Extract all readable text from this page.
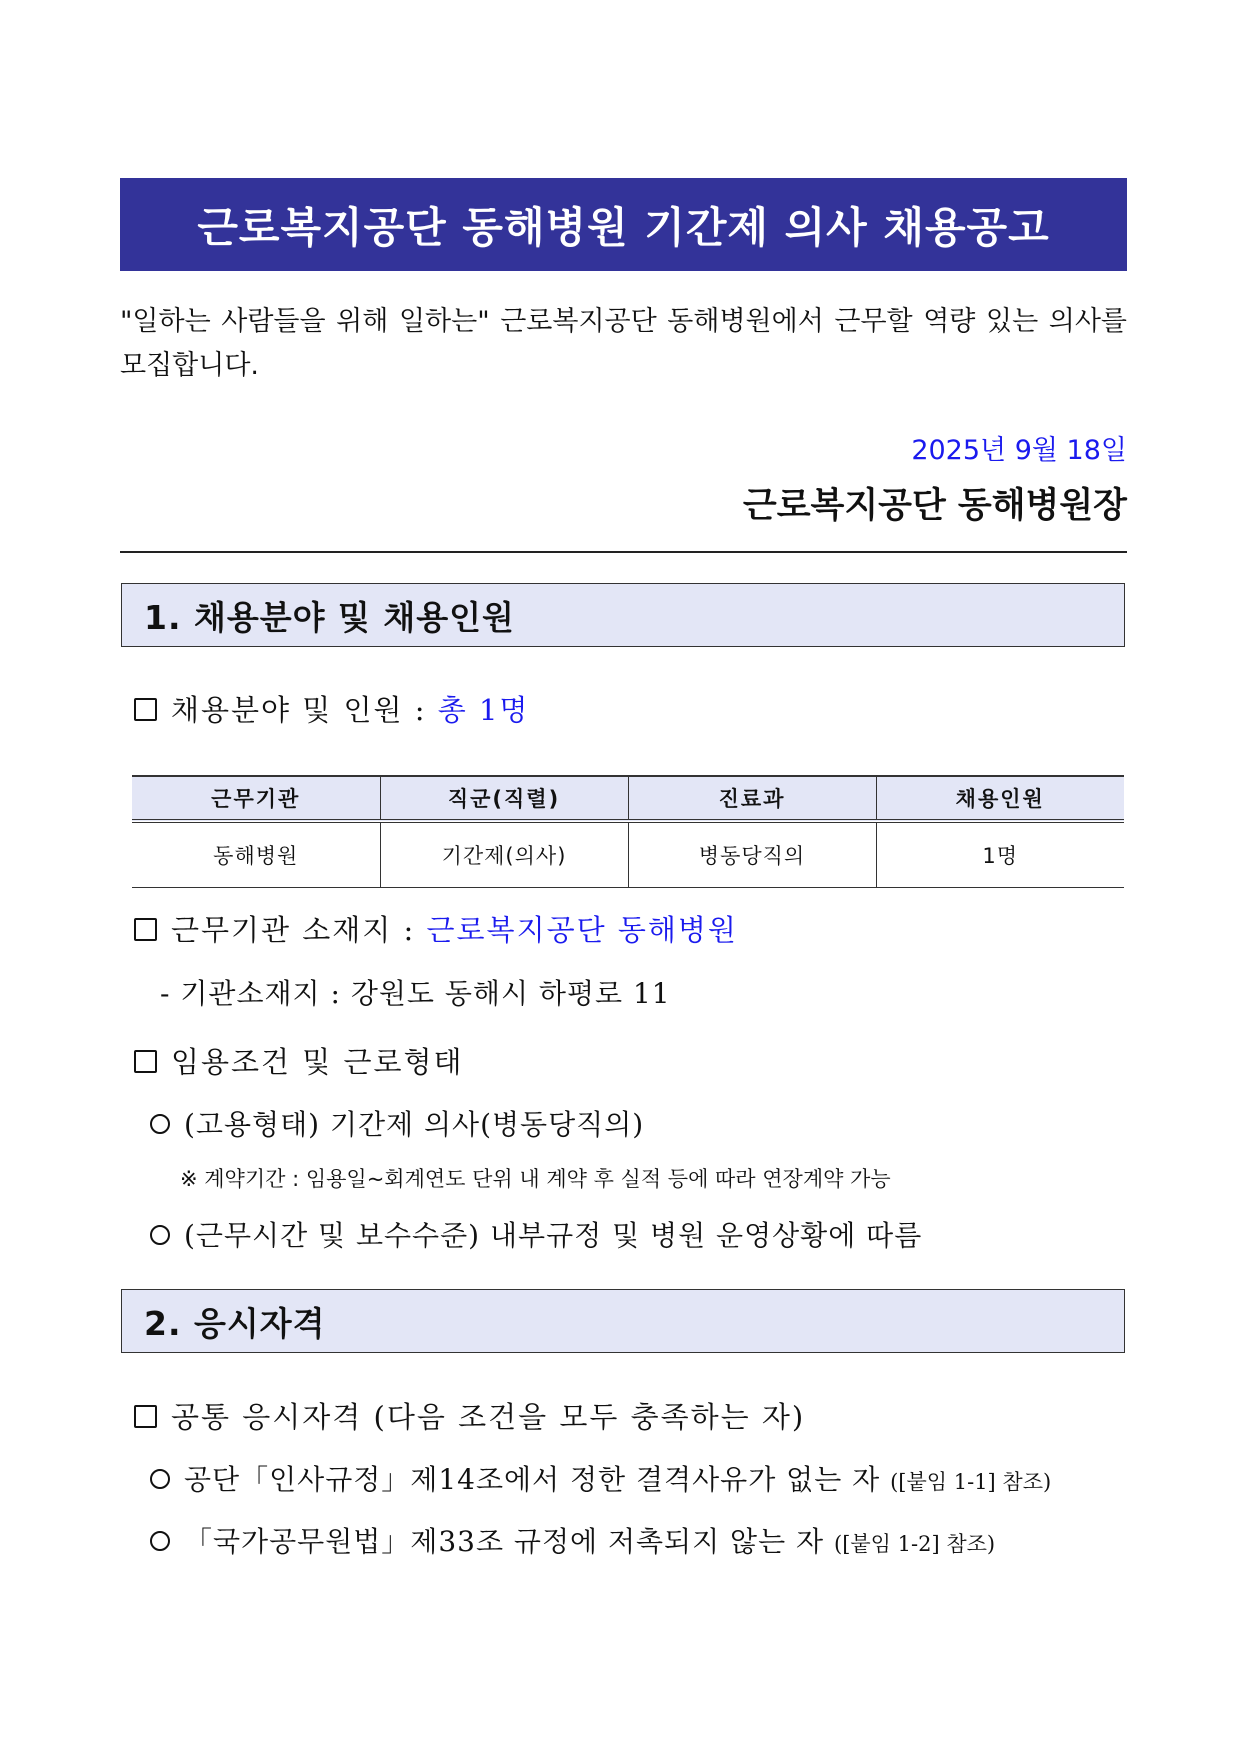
근로복지공단 동해병원 기간제 의사 채용공고
"일하는 사람들을 위해 일하는" 근로복지공단 동해병원에서 근무할 역량 있는 의사를 모집합니다.
2025년 9월 18일
근로복지공단 동해병원장
1. 채용분야 및 채용인원
채용분야 및 인원 : 총 1명
근무기관	직군(직렬)	진료과	채용인원
동해병원	기간제(의사)	병동당직의	1명
근무기관 소재지 : 근로복지공단 동해병원
- 기관소재지 : 강원도 동해시 하평로 11
임용조건 및 근로형태
(고용형태) 기간제 의사(병동당직의)
※ 계약기간 : 임용일~회계연도 단위 내 계약 후 실적 등에 따라 연장계약 가능
(근무시간 및 보수수준) 내부규정 및 병원 운영상황에 따름
2. 응시자격
공통 응시자격 (다음 조건을 모두 충족하는 자)
공단「인사규정」제14조에서 정한 결격사유가 없는 자 ([붙임 1-1] 참조)
「국가공무원법」제33조 규정에 저촉되지 않는 자 ([붙임 1-2] 참조)
